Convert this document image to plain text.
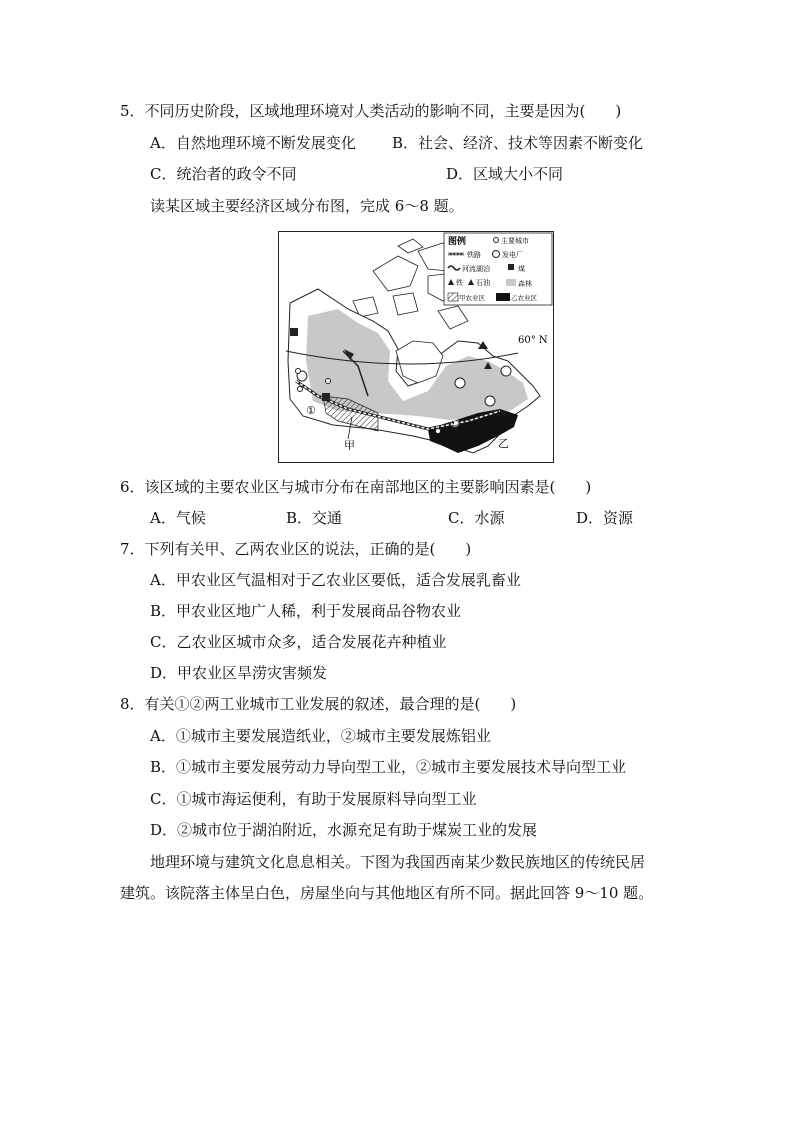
5．不同历史阶段，区域地理环境对人类活动的影响不同，主要是因为(　　)
A．自然地理环境不断发展变化 B．社会、经济、技术等因素不断变化
C．统治者的政令不同	D．区域大小不同
读某区域主要经济区域分布图，完成 6～8 题。
60° N
①
②
甲	乙
图例	主要城市
铁路	发电厂
河流湖泊	煤
铁 石油	森林
甲农业区	乙农业区
6．该区域的主要农业区与城市分布在南部地区的主要影响因素是(　　)
A．气候	B．交通	C．水源	D．资源
7．下列有关甲、乙两农业区的说法，正确的是(　　)
A．甲农业区气温相对于乙农业区要低，适合发展乳畜业
B．甲农业区地广人稀，利于发展商品谷物农业
C．乙农业区城市众多，适合发展花卉种植业
D．甲农业区旱涝灾害频发
8．有关①②两工业城市工业发展的叙述，最合理的是(　　)
A．①城市主要发展造纸业，②城市主要发展炼铝业
B．①城市主要发展劳动力导向型工业，②城市主要发展技术导向型工业
C．①城市海运便利，有助于发展原料导向型工业
D．②城市位于湖泊附近，水源充足有助于煤炭工业的发展
地理环境与建筑文化息息相关。下图为我国西南某少数民族地区的传统民居
建筑。该院落主体呈白色，房屋坐向与其他地区有所不同。据此回答 9～10 题。
